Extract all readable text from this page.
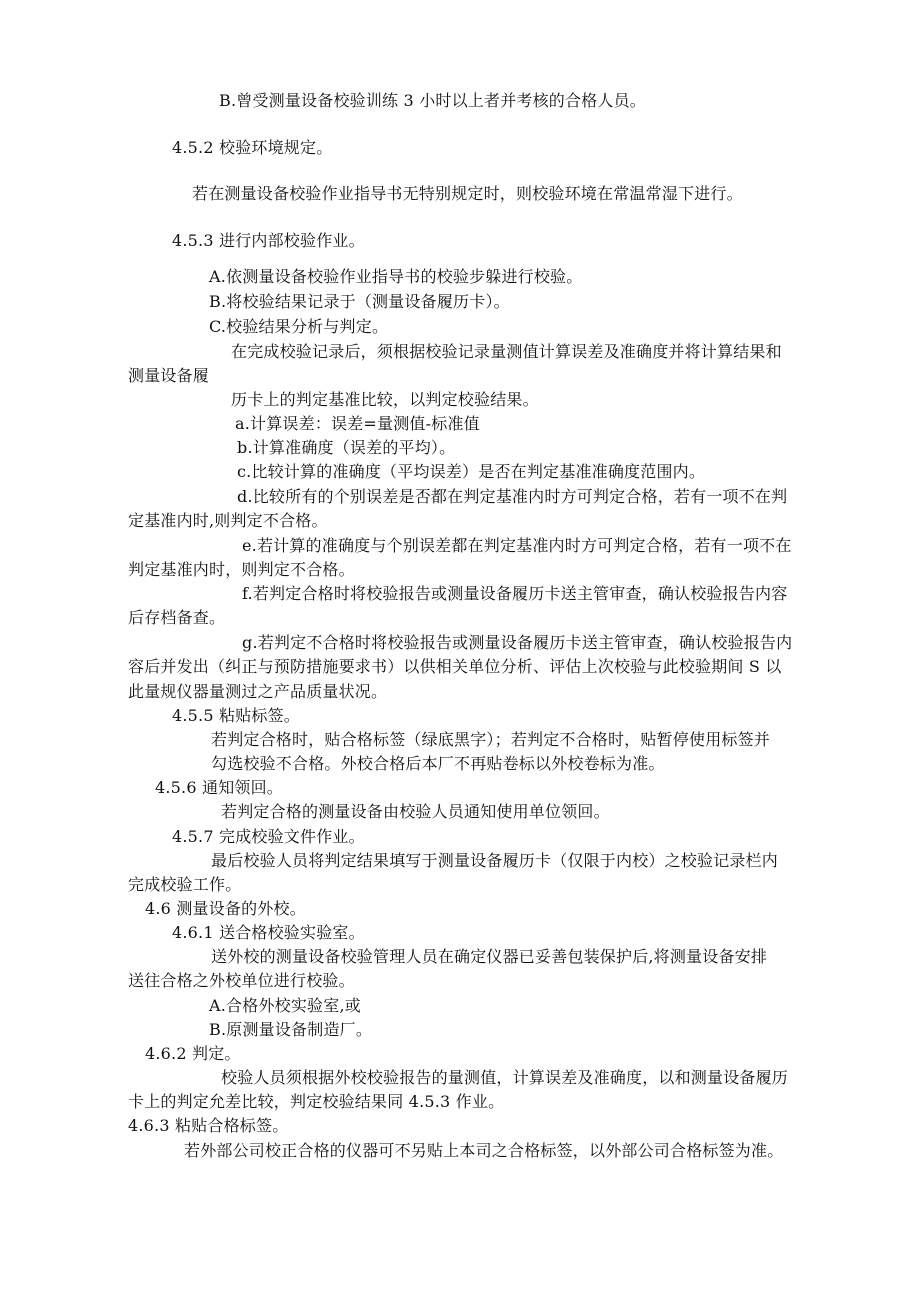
B.曾受测量设备校验训练 3 小时以上者并考核的合格人员。
4.5.2 校验环境规定。
若在测量设备校验作业指导书无特别规定时，则校验环境在常温常湿下进行。
4.5.3 进行内部校验作业。
A.依测量设备校验作业指导书的校验步躲进行校验。
B.将校验结果记录于（测量设备履历卡）。
C.校验结果分析与判定。
在完成校验记录后，须根据校验记录量测值计算误差及准确度并将计算结果和
测量设备履
历卡上的判定基准比较，以判定校验结果。
a.计算误差：误差=量测值-标准值
b.计算准确度（误差的平均）。
c.比较计算的准确度（平均误差）是否在判定基准准确度范围内。
d.比较所有的个别误差是否都在判定基准内时方可判定合格，若有一项不在判
定基准内时,则判定不合格。
e.若计算的准确度与个别误差都在判定基准内时方可判定合格，若有一项不在
判定基准内时，则判定不合格。
f.若判定合格时将校验报告或测量设备履历卡送主管审查，确认校验报告内容
后存档备查。
g.若判定不合格时将校验报告或测量设备履历卡送主管审查，确认校验报告内
容后并发出（纠正与预防措施要求书）以供相关单位分析、评估上次校验与此校验期间 S 以
此量规仪器量测过之产品质量状况。
4.5.5 粘贴标签。
若判定合格时，贴合格标签（绿底黑字）；若判定不合格时，贴暂停使用标签并
勾选校验不合格。外校合格后本厂不再贴卷标以外校卷标为准。
4.5.6 通知领回。
若判定合格的测量设备由校验人员通知使用单位领回。
4.5.7 完成校验文件作业。
最后校验人员将判定结果填写于测量设备履历卡（仅限于内校）之校验记录栏内
完成校验工作。
4.6 测量设备的外校。
4.6.1 送合格校验实验室。
送外校的测量设备校验管理人员在确定仪器已妥善包装保护后,将测量设备安排
送往合格之外校单位进行校验。
A.合格外校实验室,或
B.原测量设备制造厂。
4.6.2 判定。
校验人员须根据外校校验报告的量测值，计算误差及准确度，以和测量设备履历
卡上的判定允差比较，判定校验结果同 4.5.3 作业。
4.6.3 粘贴合格标签。
若外部公司校正合格的仪器可不另贴上本司之合格标签，以外部公司合格标签为准。
